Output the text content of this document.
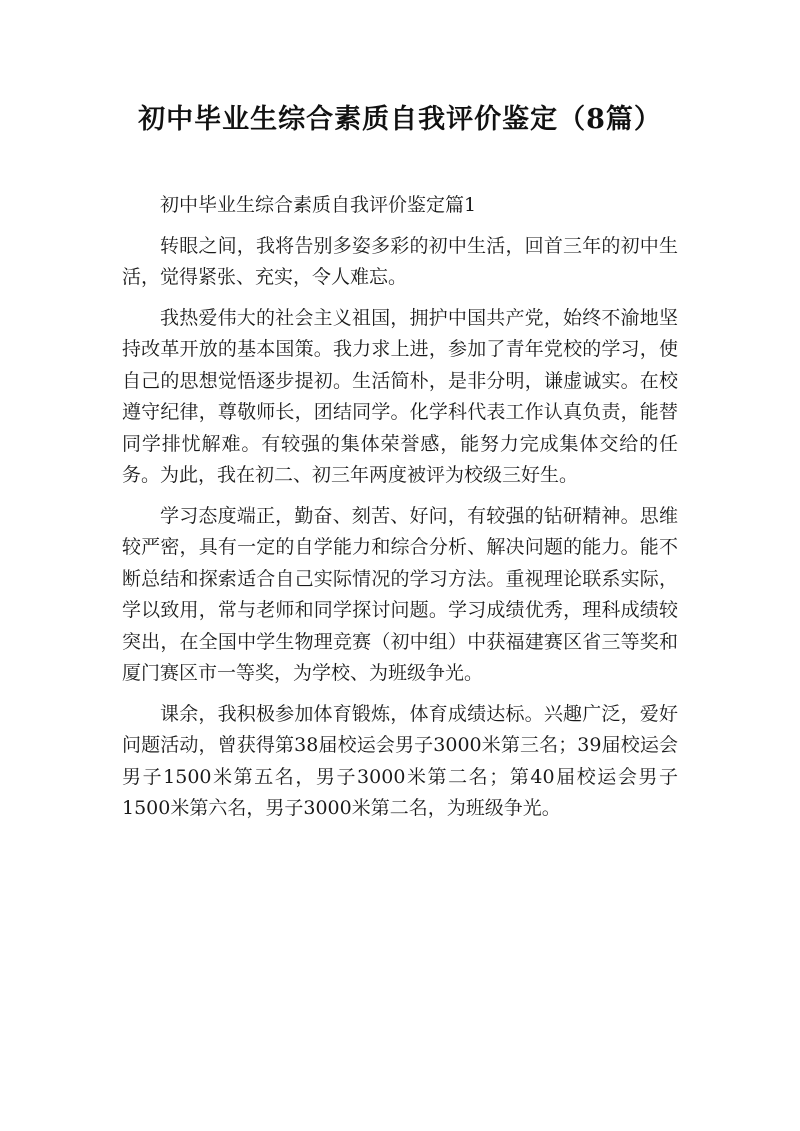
初中毕业生综合素质自我评价鉴定（8篇）

初中毕业生综合素质自我评价鉴定篇1

转眼之间，我将告别多姿多彩的初中生活，回首三年的初中生活，觉得紧张、充实，令人难忘。

我热爱伟大的社会主义祖国，拥护中国共产党，始终不渝地坚持改革开放的基本国策。我力求上进，参加了青年党校的学习，使自己的思想觉悟逐步提初。生活简朴，是非分明，谦虚诚实。在校遵守纪律，尊敬师长，团结同学。化学科代表工作认真负责，能替同学排忧解难。有较强的集体荣誉感，能努力完成集体交给的任务。为此，我在初二、初三年两度被评为校级三好生。

学习态度端正，勤奋、刻苦、好问，有较强的钻研精神。思维较严密，具有一定的自学能力和综合分析、解决问题的能力。能不断总结和探索适合自己实际情况的学习方法。重视理论联系实际，学以致用，常与老师和同学探讨问题。学习成绩优秀，理科成绩较突出，在全国中学生物理竞赛（初中组）中获福建赛区省三等奖和厦门赛区市一等奖，为学校、为班级争光。

课余，我积极参加体育锻炼，体育成绩达标。兴趣广泛，爱好问题活动，曾获得第38届校运会男子3000米第三名；39届校运会男子1500米第五名，男子3000米第二名；第40届校运会男子1500米第六名，男子3000米第二名，为班级争光。
